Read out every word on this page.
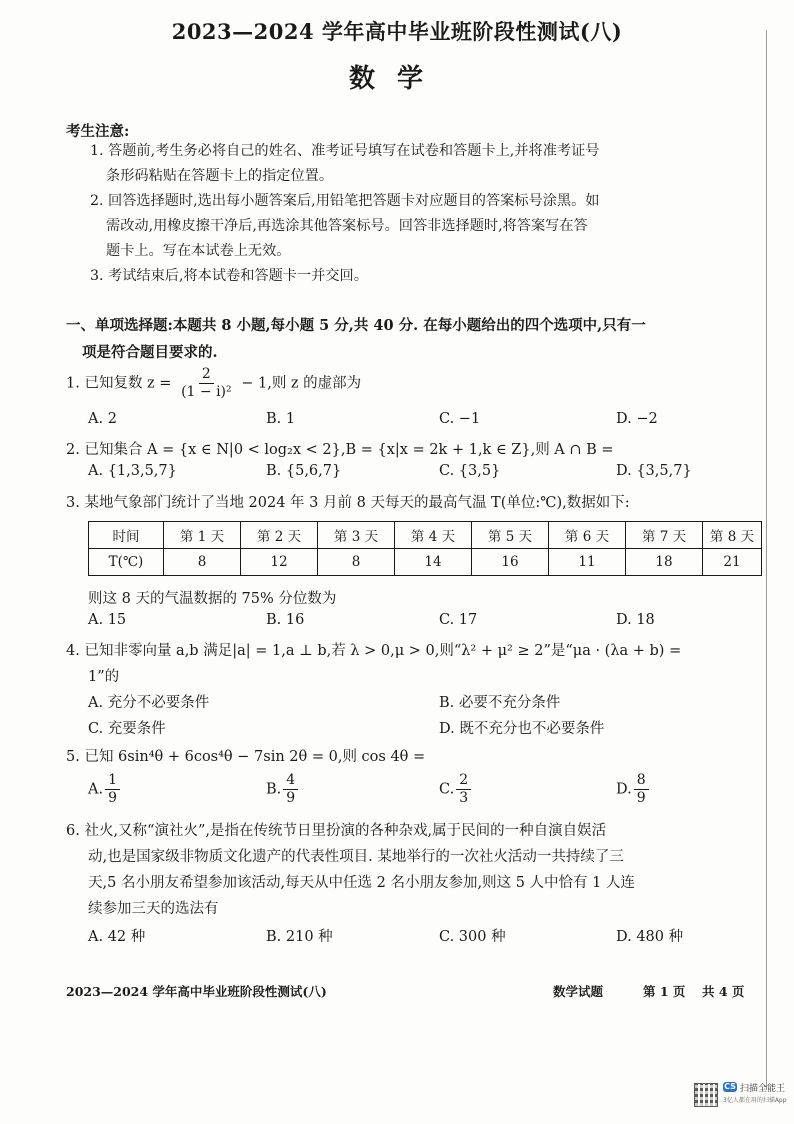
2023—2024 学年高中毕业班阶段性测试(八)
数学
考生注意:
1. 答题前,考生务必将自己的姓名、准考证号填写在试卷和答题卡上,并将准考证号
条形码粘贴在答题卡上的指定位置。
2. 回答选择题时,选出每小题答案后,用铅笔把答题卡对应题目的答案标号涂黑。如
需改动,用橡皮擦干净后,再选涂其他答案标号。回答非选择题时,将答案写在答
题卡上。写在本试卷上无效。
3. 考试结束后,将本试卷和答题卡一并交回。
一、单项选择题:本题共 8 小题,每小题 5 分,共 40 分. 在每小题给出的四个选项中,只有一
项是符合题目要求的.
1. 已知复数 $z = \frac{2}{\text{(1 − i)²}} - 1$,则 z 的虚部为
A. 2	B. 1	C. −1	D. −2
2. 已知集合 A = {x ∈ N|0 < log₂x < 2},B = {x|x = 2k + 1,k ∈ Z},则 A ∩ B =
A. {1,3,5,7}	B. {5,6,7}	C. {3,5}	D. {3,5,7}
3. 某地气象部门统计了当地 2024 年 3 月前 8 天每天的最高气温 T(单位:℃),数据如下:
时间	第 1 天	第 2 天	第 3 天	第 4 天	第 5 天	第 6 天	第 7 天	第 8 天
T(℃)	8	12	8	14	16	11	18	21
则这 8 天的气温数据的 75% 分位数为
A. 15	B. 16	C. 17	D. 18
4. 已知非零向量 a,b 满足|a| = 1,a ⊥ b,若 λ > 0,μ > 0,则“λ² + μ² ≥ 2”是“μa · (λa + b) =
1”的
A. 充分不必要条件	B. 必要不充分条件
C. 充要条件	D. 既不充分也不必要条件
5. 已知 6sin⁴θ + 6cos⁴θ − 7sin 2θ = 0,则 cos 4θ =
A. $\frac{1}{9}$	B. $\frac{4}{9}$	C. $\frac{2}{3}$	D. $\frac{8}{9}$
6. 社火,又称“演社火”,是指在传统节日里扮演的各种杂戏,属于民间的一种自演自娱活
动,也是国家级非物质文化遗产的代表性项目. 某地举行的一次社火活动一共持续了三
天,5 名小朋友希望参加该活动,每天从中任选 2 名小朋友参加,则这 5 人中恰有 1 人连
续参加三天的选法有
A. 42 种	B. 210 种	C. 300 种	D. 480 种
2023—2024 学年高中毕业班阶段性测试(八)	数学试题	第 1 页 共 4 页
CS 扫描全能王
3亿人都在用的扫描App
